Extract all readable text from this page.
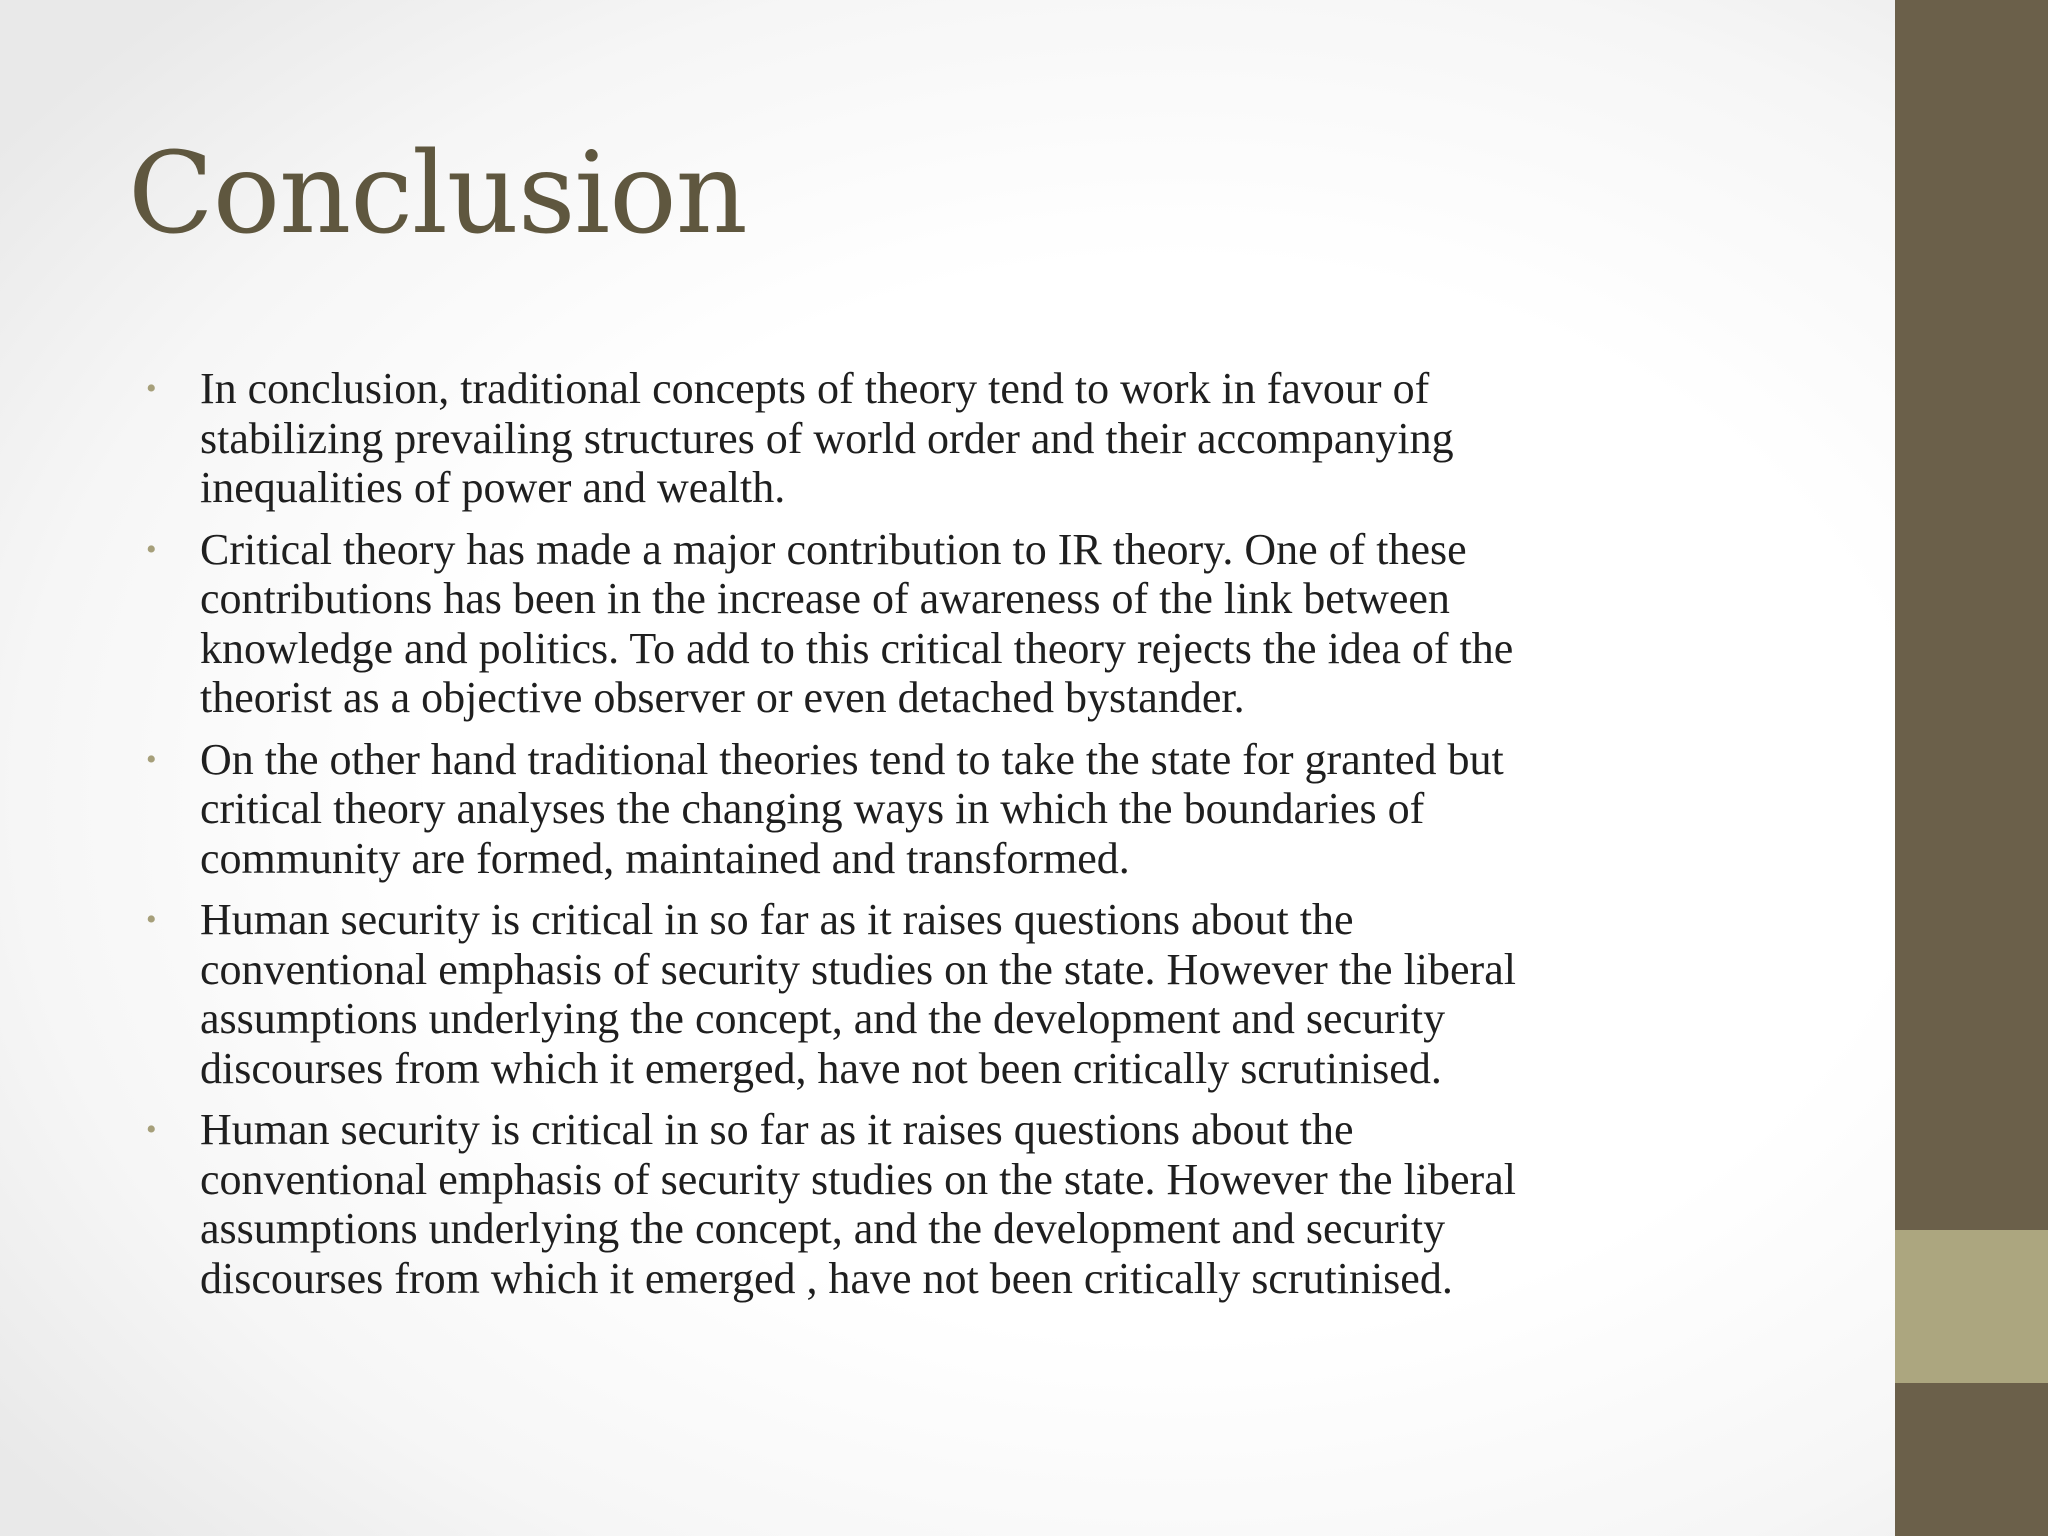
Conclusion
• In conclusion, traditional concepts of theory tend to work in favour of
stabilizing prevailing structures of world order and their accompanying
inequalities of power and wealth.
• Critical theory has made a major contribution to IR theory. One of these
contributions has been in the increase of awareness of the link between
knowledge and politics. To add to this critical theory rejects the idea of the
theorist as a objective observer or even detached bystander.
• On the other hand traditional theories tend to take the state for granted but
critical theory analyses the changing ways in which the boundaries of
community are formed, maintained and transformed.
• Human security is critical in so far as it raises questions about the
conventional emphasis of security studies on the state. However the liberal
assumptions underlying the concept, and the development and security
discourses from which it emerged, have not been critically scrutinised.
• Human security is critical in so far as it raises questions about the
conventional emphasis of security studies on the state. However the liberal
assumptions underlying the concept, and the development and security
discourses from which it emerged , have not been critically scrutinised.
